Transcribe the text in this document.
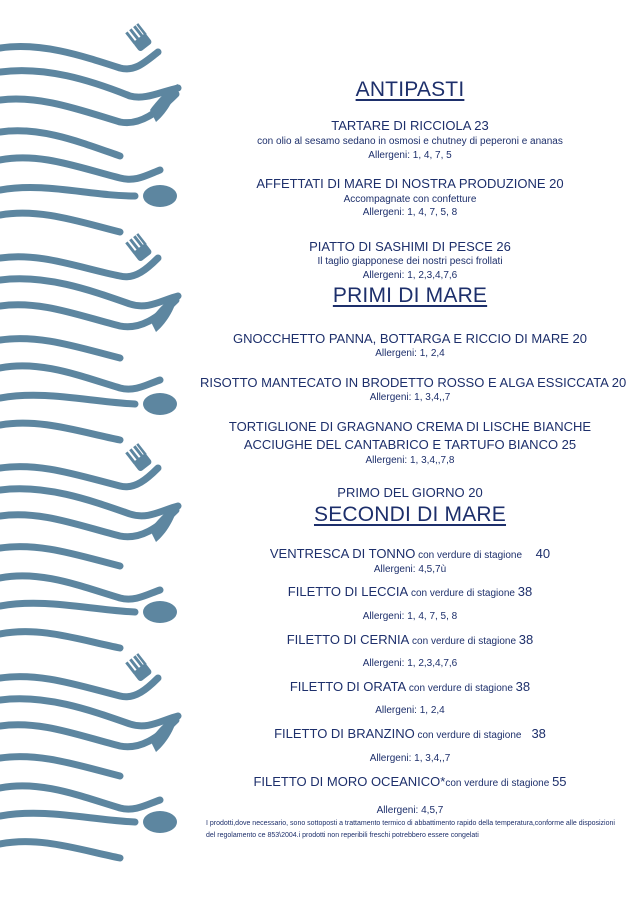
ANTIPASTI
TARTARE DI RICCIOLA 23
con olio al sesamo sedano in osmosi e chutney di peperoni e ananas
Allergeni: 1, 4, 7, 5
AFFETTATI DI MARE DI NOSTRA PRODUZIONE 20
Accompagnate con confetture
Allergeni: 1, 4, 7, 5, 8
PIATTO DI SASHIMI DI PESCE 26
Il taglio giapponese dei nostri pesci frollati
Allergeni: 1, 2,3,4,7,6
PRIMI DI MARE
GNOCCHETTO PANNA, BOTTARGA E RICCIO DI MARE 20
Allergeni: 1, 2,4
RISOTTO MANTECATO IN BRODETTO ROSSO E ALGA ESSICCATA 20
Allergeni: 1, 3,4,,7
TORTIGLIONE DI GRAGNANO CREMA DI LISCHE BIANCHE
ACCIUGHE DEL CANTABRICO E TARTUFO BIANCO 25
Allergeni: 1, 3,4,,7,8
PRIMO DEL GIORNO 20
SECONDI DI MARE
VENTRESCA DI TONNO con verdure di stagione    40
Allergeni: 4,5,7ù
FILETTO DI LECCIA con verdure di stagione 38
Allergeni: 1, 4, 7, 5, 8
FILETTO DI CERNIA con verdure di stagione 38
Allergeni: 1, 2,3,4,7,6
FILETTO DI ORATA con verdure di stagione 38
Allergeni: 1, 2,4
FILETTO DI BRANZINO con verdure di stagione   38
Allergeni: 1, 3,4,,7
FILETTO DI MORO OCEANICO*con verdure di stagione 55
Allergeni: 4,5,7
I prodotti,dove necessario, sono sottoposti a trattamento termico di abbattimento rapido della temperatura,conforme alle disposizioni del regolamento ce 853\2004.i prodotti non reperibili freschi potrebbero essere congelati
